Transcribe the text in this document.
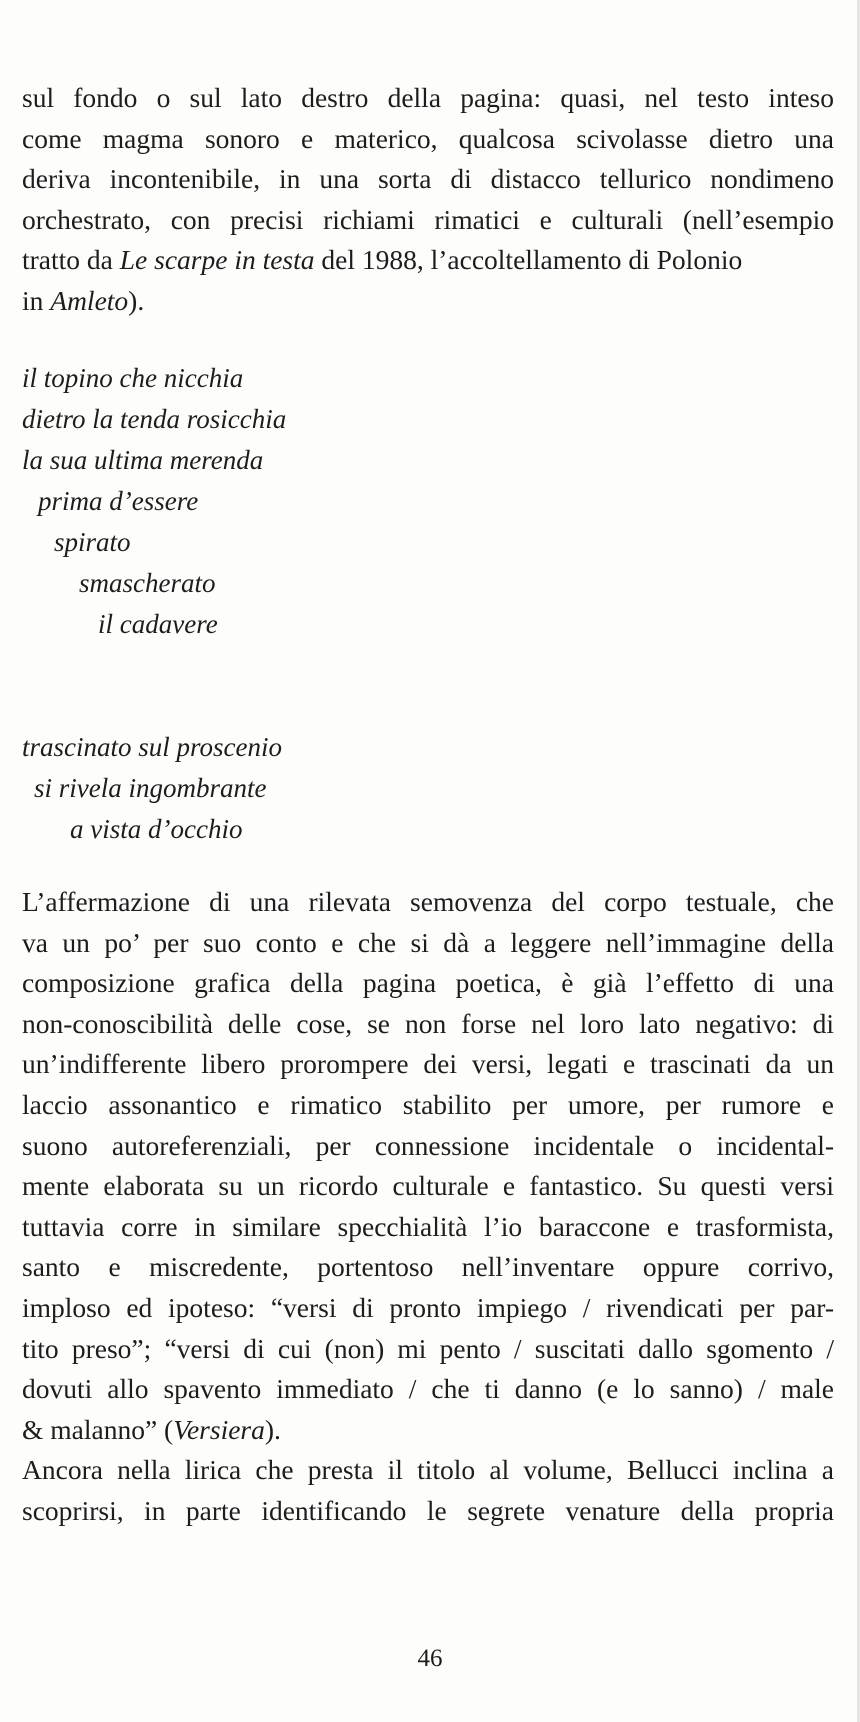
sul fondo o sul lato destro della pagina: quasi, nel testo inteso
come magma sonoro e materico, qualcosa scivolasse dietro una
deriva incontenibile, in una sorta di distacco tellurico nondimeno
orchestrato, con precisi richiami rimatici e culturali (nell’esempio
tratto da Le scarpe in testa del 1988, l’accoltellamento di Polonio
in Amleto).
il topino che nicchia
dietro la tenda rosicchia
la sua ultima merenda
prima d’essere
spirato
smascherato
il cadavere
trascinato sul proscenio
si rivela ingombrante
a vista d’occhio
L’affermazione di una rilevata semovenza del corpo testuale, che
va un po’ per suo conto e che si dà a leggere nell’immagine della
composizione grafica della pagina poetica, è già l’effetto di una
non-conoscibilità delle cose, se non forse nel loro lato negativo: di
un’indifferente libero prorompere dei versi, legati e trascinati da un
laccio assonantico e rimatico stabilito per umore, per rumore e
suono autoreferenziali, per connessione incidentale o incidental-
mente elaborata su un ricordo culturale e fantastico. Su questi versi
tuttavia corre in similare specchialità l’io baraccone e trasformista,
santo e miscredente, portentoso nell’inventare oppure corrivo,
imploso ed ipoteso: “versi di pronto impiego / rivendicati per par-
tito preso”; “versi di cui (non) mi pento / suscitati dallo sgomento /
dovuti allo spavento immediato / che ti danno (e lo sanno) / male
& malanno” (Versiera).
Ancora nella lirica che presta il titolo al volume, Bellucci inclina a
scoprirsi, in parte identificando le segrete venature della propria
46
